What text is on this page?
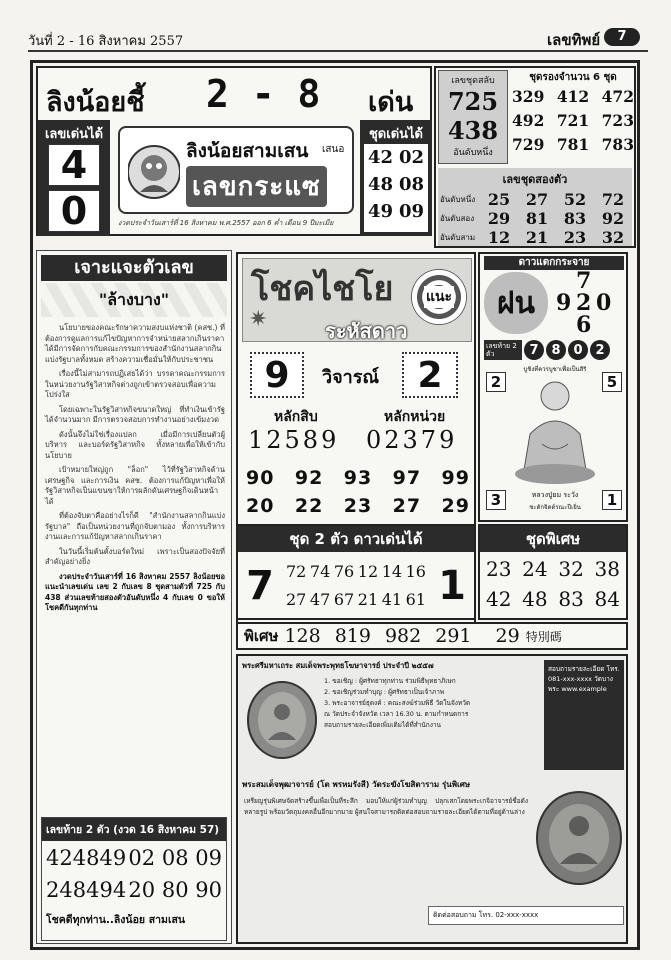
วันที่ 2 - 16 สิงหาคม 2557	เลขทิพย์	7
ลิงน้อยชี้ 2 - 8 เด่น
เลขเด่นได้
4
0
ลิงน้อยสามเสน เสนอ
เลขกระแซ
งวดประจำวันเสาร์ที่ 16 สิงหาคม พ.ศ.2557 ออก 6 ค่ำ เดือน 9 ปีมะเมีย
ชุดเด่นได้
42 02
48 08
49 09
เลขชุดสลับ
725
438
อันดับหนึ่ง
ชุดรองจำนวน 6 ชุด
329 412 472
492 721 723
729 781 783
เลขชุดสองตัว
อันดับหนึ่ง 25 27 52 72
อันดับสอง 29 81 83 92
อันดับสาม 12 21 23 32
เจาะแจะตัวเลข
"ล้างบาง"

นโยบายของคณะรักษาความสงบแห่งชาติ (คสช.) ที่ต้องการดูแลการแก้ไขปัญหาการจำหน่ายสลากเกินราคา ได้มีการจัดการกับคณะกรรมการของสำนักงานสลากกินแบ่งรัฐบาลทั้งหมด สร้างความเชื่อมั่นให้กับประชาชน

เรื่องนี้ไม่สามารถปฏิเสธได้ว่า บรรดาคณะกรรมการในหน่วยงานรัฐวิสาหกิจต่างถูกเข้าตรวจสอบเพื่อความโปร่งใส

โดยเฉพาะในรัฐวิสาหกิจขนาดใหญ่ ที่ทำเงินเข้ารัฐได้จำนวนมาก มีการตรวจสอบการทำงานอย่างเข้มงวด

ดังนั้นจึงไม่ใช่เรื่องแปลก เมื่อมีการเปลี่ยนตัวผู้บริหาร และบอร์ดรัฐวิสาหกิจ ทั้งหลายเพื่อให้เข้ากับนโยบาย

เป้าหมายใหญ่ถูก "ล็อก" ไว้ที่รัฐวิสาหกิจด้านเศรษฐกิจ และการเงิน คสช. ต้องการแก้ปัญหาเพื่อให้รัฐวิสาหกิจเป็นแขนขาให้การผลักดันเศรษฐกิจเดินหน้าได้

ที่ต้องจับตาคืออย่างไรก็ดี "สำนักงานสลากกินแบ่งรัฐบาล" ถือเป็นหน่วยงานที่ถูกจับตามอง ทั้งการบริหารงานและการแก้ปัญหาสลากเกินราคา

ในวันนี้เริ่มต้นตั้งบอร์ดใหม่ เพราะเป็นสองปัจจัยที่สำคัญอย่างยิ่ง

งวดประจำวันเสาร์ที่ 16 สิงหาคม 2557 ลิงน้อยขอแนะนำเลขเด่น เลข 2 กับเลข 8 ชุดสามตัวที่ 725 กับ 438 ส่วนเลขท้ายสองตัวอันดับหนึ่ง 4 กับเลข 0 ขอให้โชคดีกันทุกท่าน

เลขท้าย 2 ตัว (งวด 16 สิงหาคม 57)
424849 02 08 09
248494 20 80 90
โชคดีทุกท่าน..ลิงน้อย สามเสน
โชคไชโย
✷	ระหัสดาว
แนะ
9	วิจารณ์	2
หลักสิบ	หลักหน่วย
12589 02379
90 92 93 97 99
20 22 23 27 29
ชุด 2 ตัว ดาวเด่นได้
7 72 74 76 12 14 16
27 47 67 21 41 61 1
ดาวแตกกระจาย
ฝน
7
9 2 0
6
เลขท้าย 2 ตัว	7 8 0 2
บูชิงที่ควรบูชาเพื่อเป็นสิริ
2	5
3	1
หลวงปู่ยม ระวัง
ชะตักจิตต์รณะปีเยิ่น
ชุดพิเศษ
23 24 32 38
42 48 83 84
พิเศษ 128 819 982 291 29 特別碼
พระศรีมหาเถระ สมเด็จพระพุทธโฆษาจารย์ ประจำปี ๒๕๕๗
1. ขอเชิญ : ผู้ศรัทธาทุกท่าน ร่วมพิธีพุทธาภิเษก
2. ขอเชิญร่วมทำบุญ : ผู้ศรัทธาเป็นเจ้าภาพ
3. พระอาจารย์ธุดงค์ : คณะสงฆ์ร่วมพิธี วัดในจังหวัด
ณ วัดประจำจังหวัด เวลา 16.30 น. ตามกำหนดการ
สอบถามรายละเอียดเพิ่มเติมได้ที่สำนักงาน
สอบถามรายละเอียด โทร. 081-xxx-xxxx วัดบางพระ www.example
พระสมเด็จพุฒาจารย์ (โต พรหมรังสี) วัดระฆังโฆสิตาราม รุ่นพิเศษ
เหรียญรุ่นพิเศษจัดสร้างขึ้นเพื่อเป็นที่ระลึก มอบให้แก่ผู้ร่วมทำบุญ ปลุกเสกโดยพระเกจิอาจารย์ชื่อดังหลายรูป พร้อมวัตถุมงคลอื่นอีกมากมาย ผู้สนใจสามารถติดต่อสอบถามรายละเอียดได้ตามที่อยู่ด้านล่าง
ติดต่อสอบถาม โทร. 02-xxx-xxxx
